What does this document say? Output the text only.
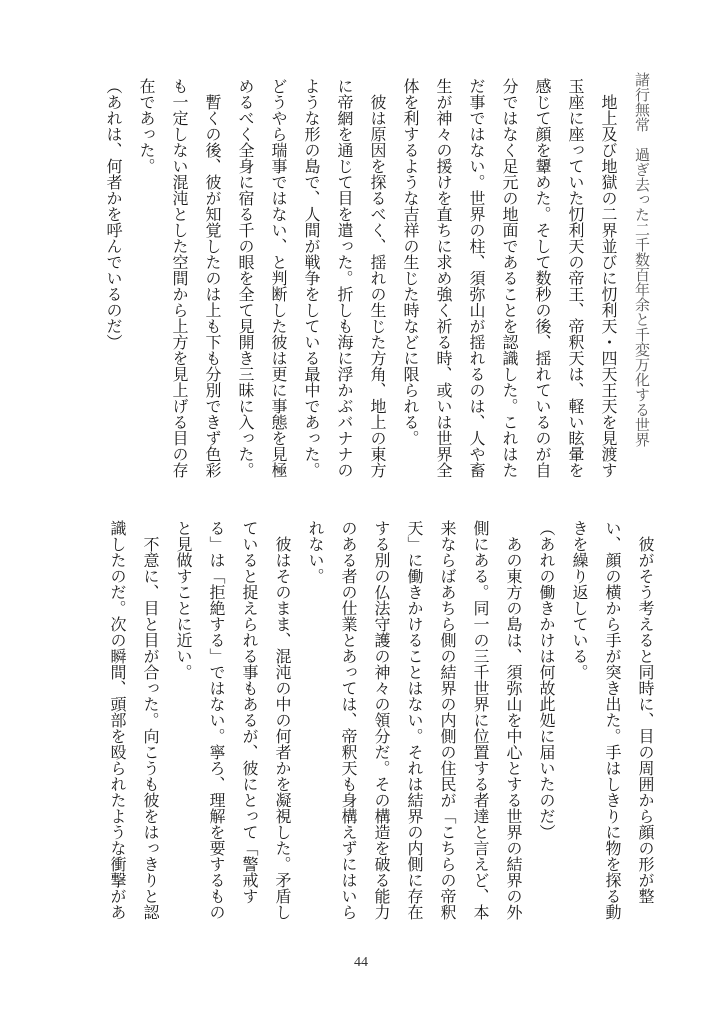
諸行無常　過ぎ去った二千数百年余と千変万化する世界
地上及び地獄の二界並びに忉利天・四天王天を見渡す
玉座に座っていた忉利天の帝王、帝釈天は、軽い眩暈を
感じて顔を顰めた。そして数秒の後、揺れているのが自
分ではなく足元の地面であることを認識した。これはた
だ事ではない。世界の柱、須弥山が揺れるのは、人や畜
生が神々の援けを直ちに求め強く祈る時、或いは世界全
体を利するような吉祥の生じた時などに限られる。
彼は原因を探るべく、揺れの生じた方角、地上の東方
に帝網を通じて目を遣った。折しも海に浮かぶバナナの
ような形の島で、人間が戦争をしている最中であった。
どうやら瑞事ではない、と判断した彼は更に事態を見極
めるべく全身に宿る千の眼を全て見開き三昧に入った。
暫くの後、彼が知覚したのは上も下も分別できず色彩
も一定しない混沌とした空間から上方を見上げる目の存
在であった。
（あれは、何者かを呼んでいるのだ）
彼がそう考えると同時に、目の周囲から顔の形が整
い、顔の横から手が突き出た。手はしきりに物を探る動
きを繰り返している。
（あれの働きかけは何故此処に届いたのだ）
あの東方の島は、須弥山を中心とする世界の結界の外
側にある。同一の三千世界に位置する者達と言えど、本
来ならばあちら側の結界の内側の住民が「こちらの帝釈
天」に働きかけることはない。それは結界の内側に存在
する別の仏法守護の神々の領分だ。その構造を破る能力
のある者の仕業とあっては、帝釈天も身構えずにはいら
れない。
彼はそのまま、混沌の中の何者かを凝視した。矛盾し
ていると捉えられる事もあるが、彼にとって「警戒す
る」は「拒絶する」ではない。寧ろ、理解を要するもの
と見做すことに近い。
不意に、目と目が合った。向こうも彼をはっきりと認
識したのだ。次の瞬間、頭部を殴られたような衝撃があ
44
